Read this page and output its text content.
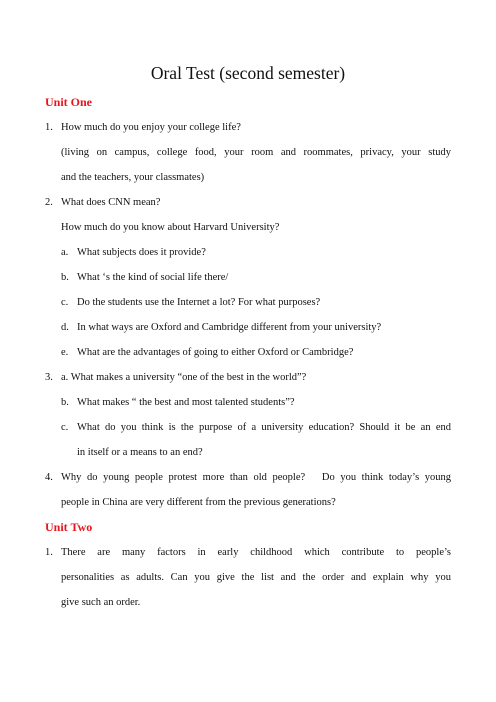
Oral Test (second semester)
Unit One
1. How much do you enjoy your college life?
(living on campus, college food, your room and roommates, privacy, your study
and the teachers, your classmates)
2. What does CNN mean?
How much do you know about Harvard University?
a. What subjects does it provide?
b. What ‘s the kind of social life there/
c. Do the students use the Internet a lot? For what purposes?
d. In what ways are Oxford and Cambridge different from your university?
e. What are the advantages of going to either Oxford or Cambridge?
3. a. What makes a university “one of the best in the world”?
b. What makes “ the best and most talented students”?
c. What do you think is the purpose of a university education? Should it be an end
in itself or a means to an end?
4. Why do young people protest more than old people?   Do you think today’s young
people in China are very different from the previous generations?
Unit Two
1. There are many factors in early childhood which contribute to people’s
personalities as adults. Can you give the list and the order and explain why you
give such an order.
